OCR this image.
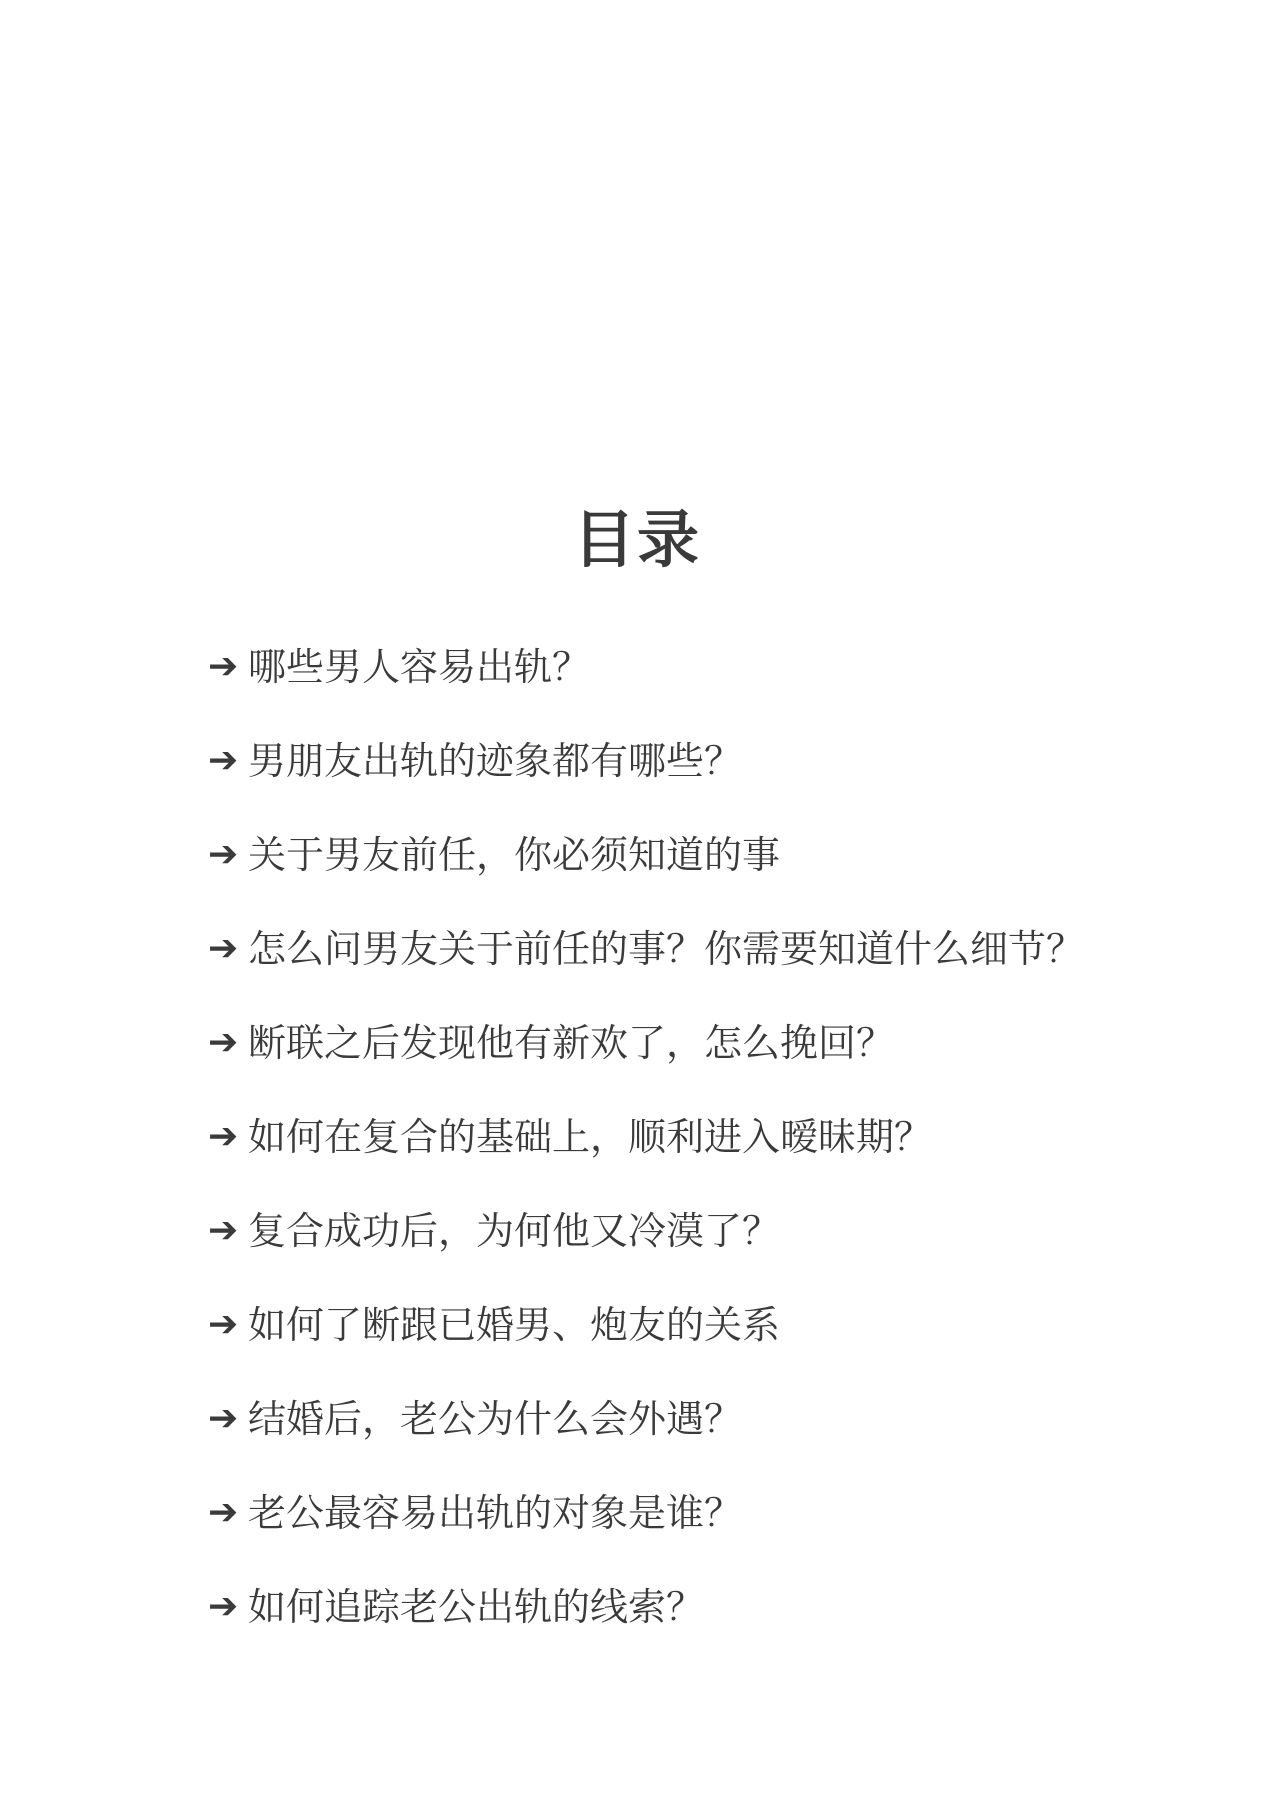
目录
➔ 哪些男人容易出轨？
➔ 男朋友出轨的迹象都有哪些？
➔ 关于男友前任，你必须知道的事
➔ 怎么问男友关于前任的事？你需要知道什么细节？
➔ 断联之后发现他有新欢了，怎么挽回？
➔ 如何在复合的基础上，顺利进入暧昧期？
➔ 复合成功后，为何他又冷漠了？
➔ 如何了断跟已婚男、炮友的关系
➔ 结婚后，老公为什么会外遇？
➔ 老公最容易出轨的对象是谁？
➔ 如何追踪老公出轨的线索？
